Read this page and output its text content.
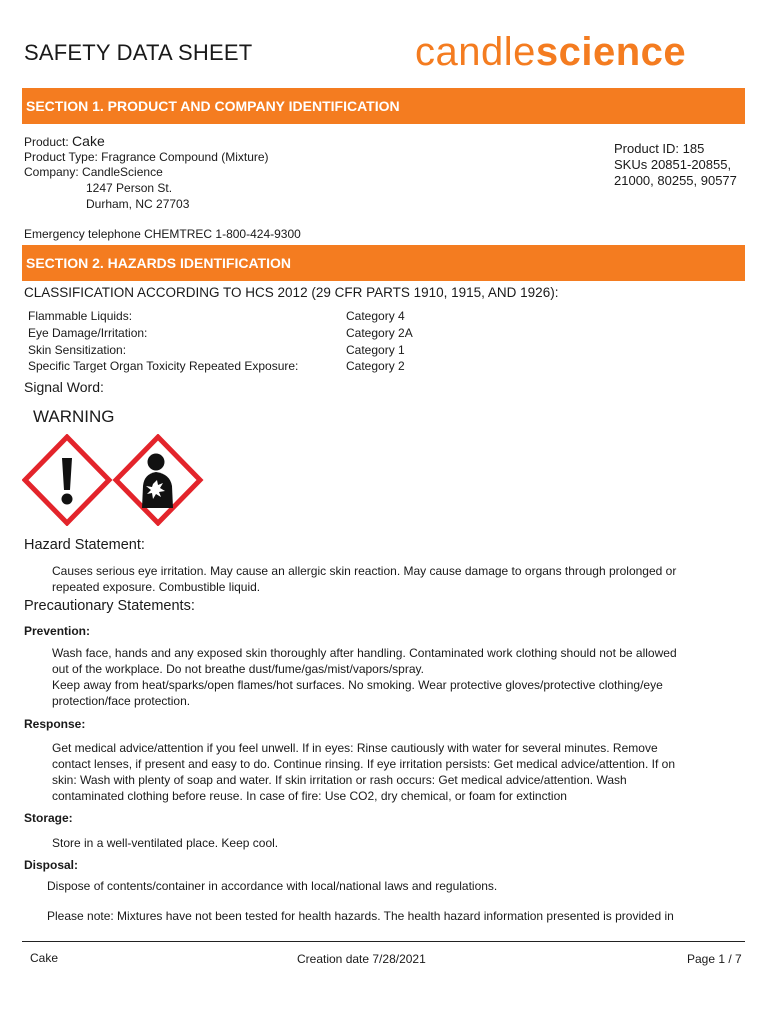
SAFETY DATA SHEET	candlescience
SECTION 1. PRODUCT AND COMPANY IDENTIFICATION
Product: Cake
Product Type: Fragrance Compound (Mixture)
Company: CandleScience
1247 Person St.
Durham, NC 27703
Product ID: 185
SKUs 20851-20855,
21000, 80255, 90577
Emergency telephone CHEMTREC 1-800-424-9300
SECTION 2. HAZARDS IDENTIFICATION
CLASSIFICATION ACCORDING TO HCS 2012 (29 CFR PARTS 1910, 1915, AND 1926):
Flammable Liquids:	Category 4
Eye Damage/Irritation:	Category 2A
Skin Sensitization:	Category 1
Specific Target Organ Toxicity Repeated Exposure:	Category 2
Signal Word:
WARNING
Hazard Statement:
Causes serious eye irritation. May cause an allergic skin reaction. May cause damage to organs through prolonged or
repeated exposure. Combustible liquid.
Precautionary Statements:
Prevention:
Wash face, hands and any exposed skin thoroughly after handling. Contaminated work clothing should not be allowed
out of the workplace. Do not breathe dust/fume/gas/mist/vapors/spray.
Keep away from heat/sparks/open flames/hot surfaces. No smoking. Wear protective gloves/protective clothing/eye
protection/face protection.
Response:
Get medical advice/attention if you feel unwell. If in eyes: Rinse cautiously with water for several minutes. Remove
contact lenses, if present and easy to do. Continue rinsing. If eye irritation persists: Get medical advice/attention. If on
skin: Wash with plenty of soap and water. If skin irritation or rash occurs: Get medical advice/attention. Wash
contaminated clothing before reuse. In case of fire: Use CO2, dry chemical, or foam for extinction
Storage:
Store in a well-ventilated place. Keep cool.
Disposal:
Dispose of contents/container in accordance with local/national laws and regulations.
Please note: Mixtures have not been tested for health hazards. The health hazard information presented is provided in
Cake	Creation date 7/28/2021	Page 1 / 7
